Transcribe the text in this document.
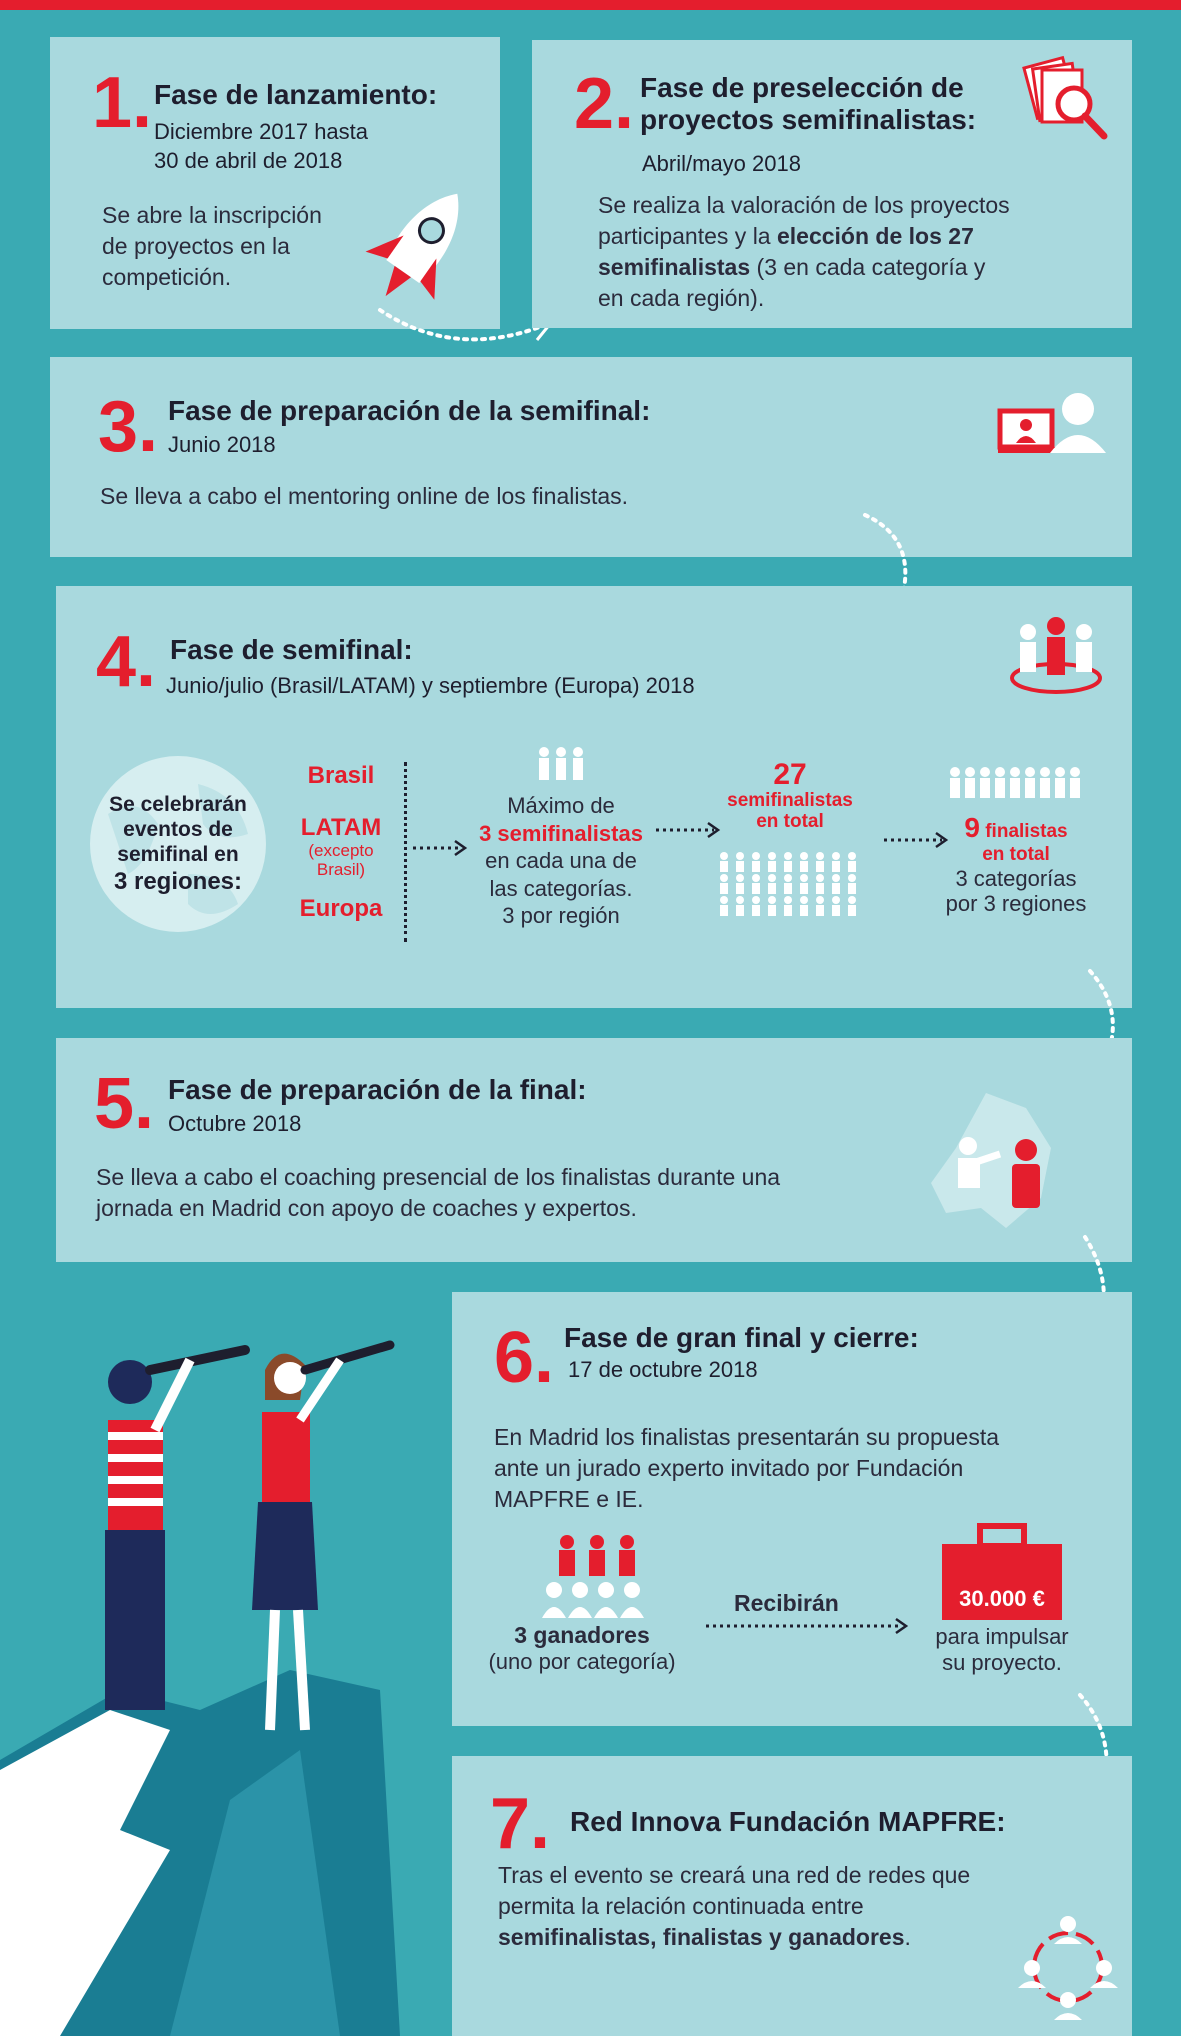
1. Fase de lanzamiento:
Diciembre 2017 hasta
30 de abril de 2018
Se abre la inscripción
de proyectos en la
competición.
2. Fase de preselección de
proyectos semifinalistas:
Abril/mayo 2018
Se realiza la valoración de los proyectos
participantes y la elección de los 27
semifinalistas (3 en cada categoría y
en cada región).
3. Fase de preparación de la semifinal:
Junio 2018
Se lleva a cabo el mentoring online de los finalistas.
4. Fase de semifinal:
Junio/julio (Brasil/LATAM) y septiembre (Europa) 2018
Se celebrarán
eventos de
semifinal en
3 regiones:
Brasil
LATAM
(excepto
Brasil)
Europa
Máximo de
3 semifinalistas
en cada una de
las categorías.
3 por región
27
semifinalistas
en total	9 finalistas
en total
3 categorías
por 3 regiones
5. Fase de preparación de la final:
Octubre 2018
Se lleva a cabo el coaching presencial de los finalistas durante una
jornada en Madrid con apoyo de coaches y expertos.
6. Fase de gran final y cierre:
17 de octubre 2018
En Madrid los finalistas presentarán su propuesta
ante un jurado experto invitado por Fundación
MAPFRE e IE.
3 ganadores
(uno por categoría)
Recibirán	30.000 €
para impulsar
su proyecto.
7. Red Innova Fundación MAPFRE:
Tras el evento se creará una red de redes que
permita la relación continuada entre
semifinalistas, finalistas y ganadores.
